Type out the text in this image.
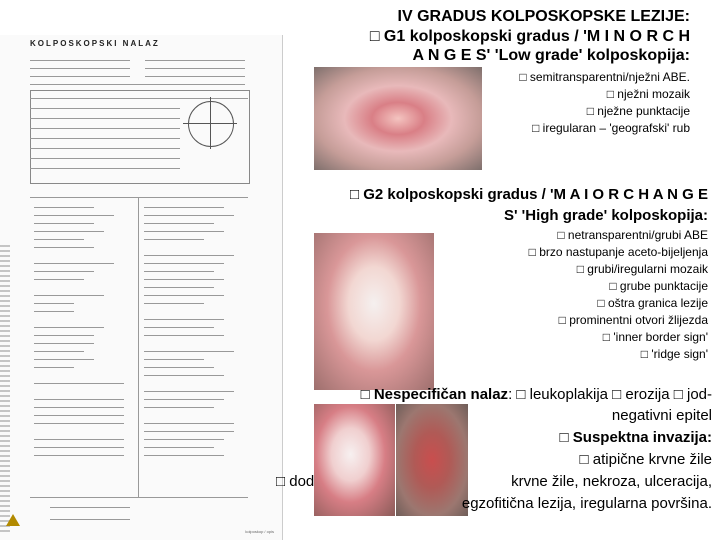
KOLPOSKOPSKI NALAZ
kolposkop / opis
IV GRADUS KOLPOSKOPSKE LEZIJE:
□ G1 kolposkopski gradus / 'M I N O R C H
A N G E S' 'Low grade' kolposkopija:
□ semitransparentni/nježni ABE.
□ nježni mozaik
□ nježne punktacije
□ iregularan – 'geografski' rub
□ G2 kolposkopski gradus / 'M A I O R C H A N G E
S' 'High grade' kolposkopija:
□ netransparentni/grubi ABE
□ brzo nastupanje aceto-bijeljenja
□ grubi/iregularni mozaik
□ grube punktacije
□ oštra granica lezije
□ prominentni otvori žlijezda
□ 'inner border sign'
□ 'ridge sign'
□ Nespecifičan nalaz: □ leukoplakija □ erozija □ jod-
negativni epitel
□ Suspektna invazija:
□ atipične krvne žile
□ dod	krvne žile, nekroza, ulceracija,
egzofitična lezija, iregularna površina.
